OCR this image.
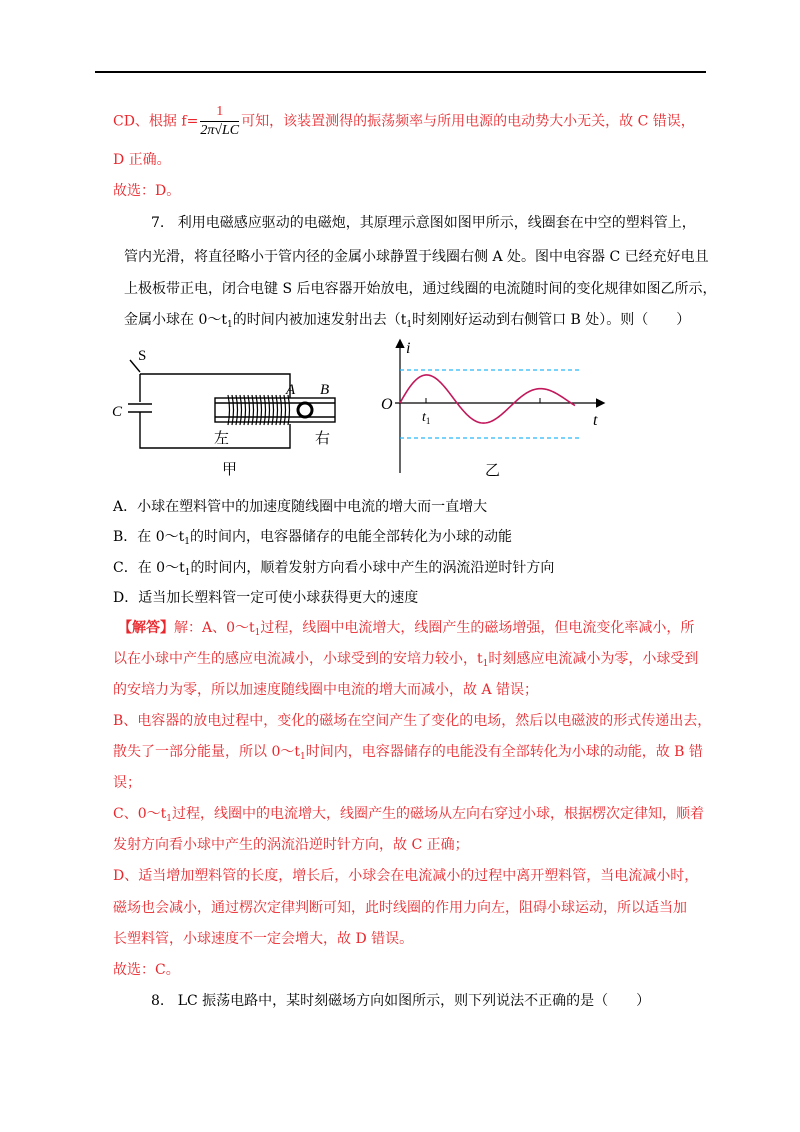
CD、根据 $f= \frac{1}{2\pi√LC}$ 可知，该装置测得的振荡频率与所用电源的电动势大小无关，故 C 错误，
D 正确。
故选：D。
7. 利用电磁感应驱动的电磁炮，其原理示意图如图甲所示，线圈套在中空的塑料管上，
管内光滑，将直径略小于管内径的金属小球静置于线圈右侧 A 处。图中电容器 C 已经充好电且
上极板带正电，闭合电键 S 后电容器开始放电，通过线圈的电流随时间的变化规律如图乙所示，
金属小球在 $0\sim t_1$的时间内被加速发射出去（$t_1$时刻刚好运动到右侧管口 B 处）。则（　　）
S
C
A B
左	右
甲
i
O
$t_1$	t
乙
A．小球在塑料管中的加速度随线圈中电流的增大而一直增大
B．在 $0\sim t_1$的时间内，电容器储存的电能全部转化为小球的动能
C．在 $0\sim t_1$的时间内，顺着发射方向看小球中产生的涡流沿逆时针方向
D．适当加长塑料管一定可使小球获得更大的速度
【解答】解：A、$0\sim t_1$过程，线圈中电流增大，线圈产生的磁场增强，但电流变化率减小，所
以在小球中产生的感应电流减小，小球受到的安培力较小，$t_1$时刻感应电流减小为零，小球受到
的安培力为零，所以加速度随线圈中电流的增大而减小，故 A 错误；
B、电容器的放电过程中，变化的磁场在空间产生了变化的电场，然后以电磁波的形式传递出去，
散失了一部分能量，所以 $0\sim t_1$时间内，电容器储存的电能没有全部转化为小球的动能，故 B 错
误；
C、$0\sim t_1$过程，线圈中的电流增大，线圈产生的磁场从左向右穿过小球，根据楞次定律知，顺着
发射方向看小球中产生的涡流沿逆时针方向，故 C 正确；
D、适当增加塑料管的长度，增长后，小球会在电流减小的过程中离开塑料管，当电流减小时，
磁场也会减小，通过楞次定律判断可知，此时线圈的作用力向左，阻碍小球运动，所以适当加
长塑料管，小球速度不一定会增大，故 D 错误。
故选：C。
8. LC 振荡电路中，某时刻磁场方向如图所示，则下列说法不正确的是（　　）
